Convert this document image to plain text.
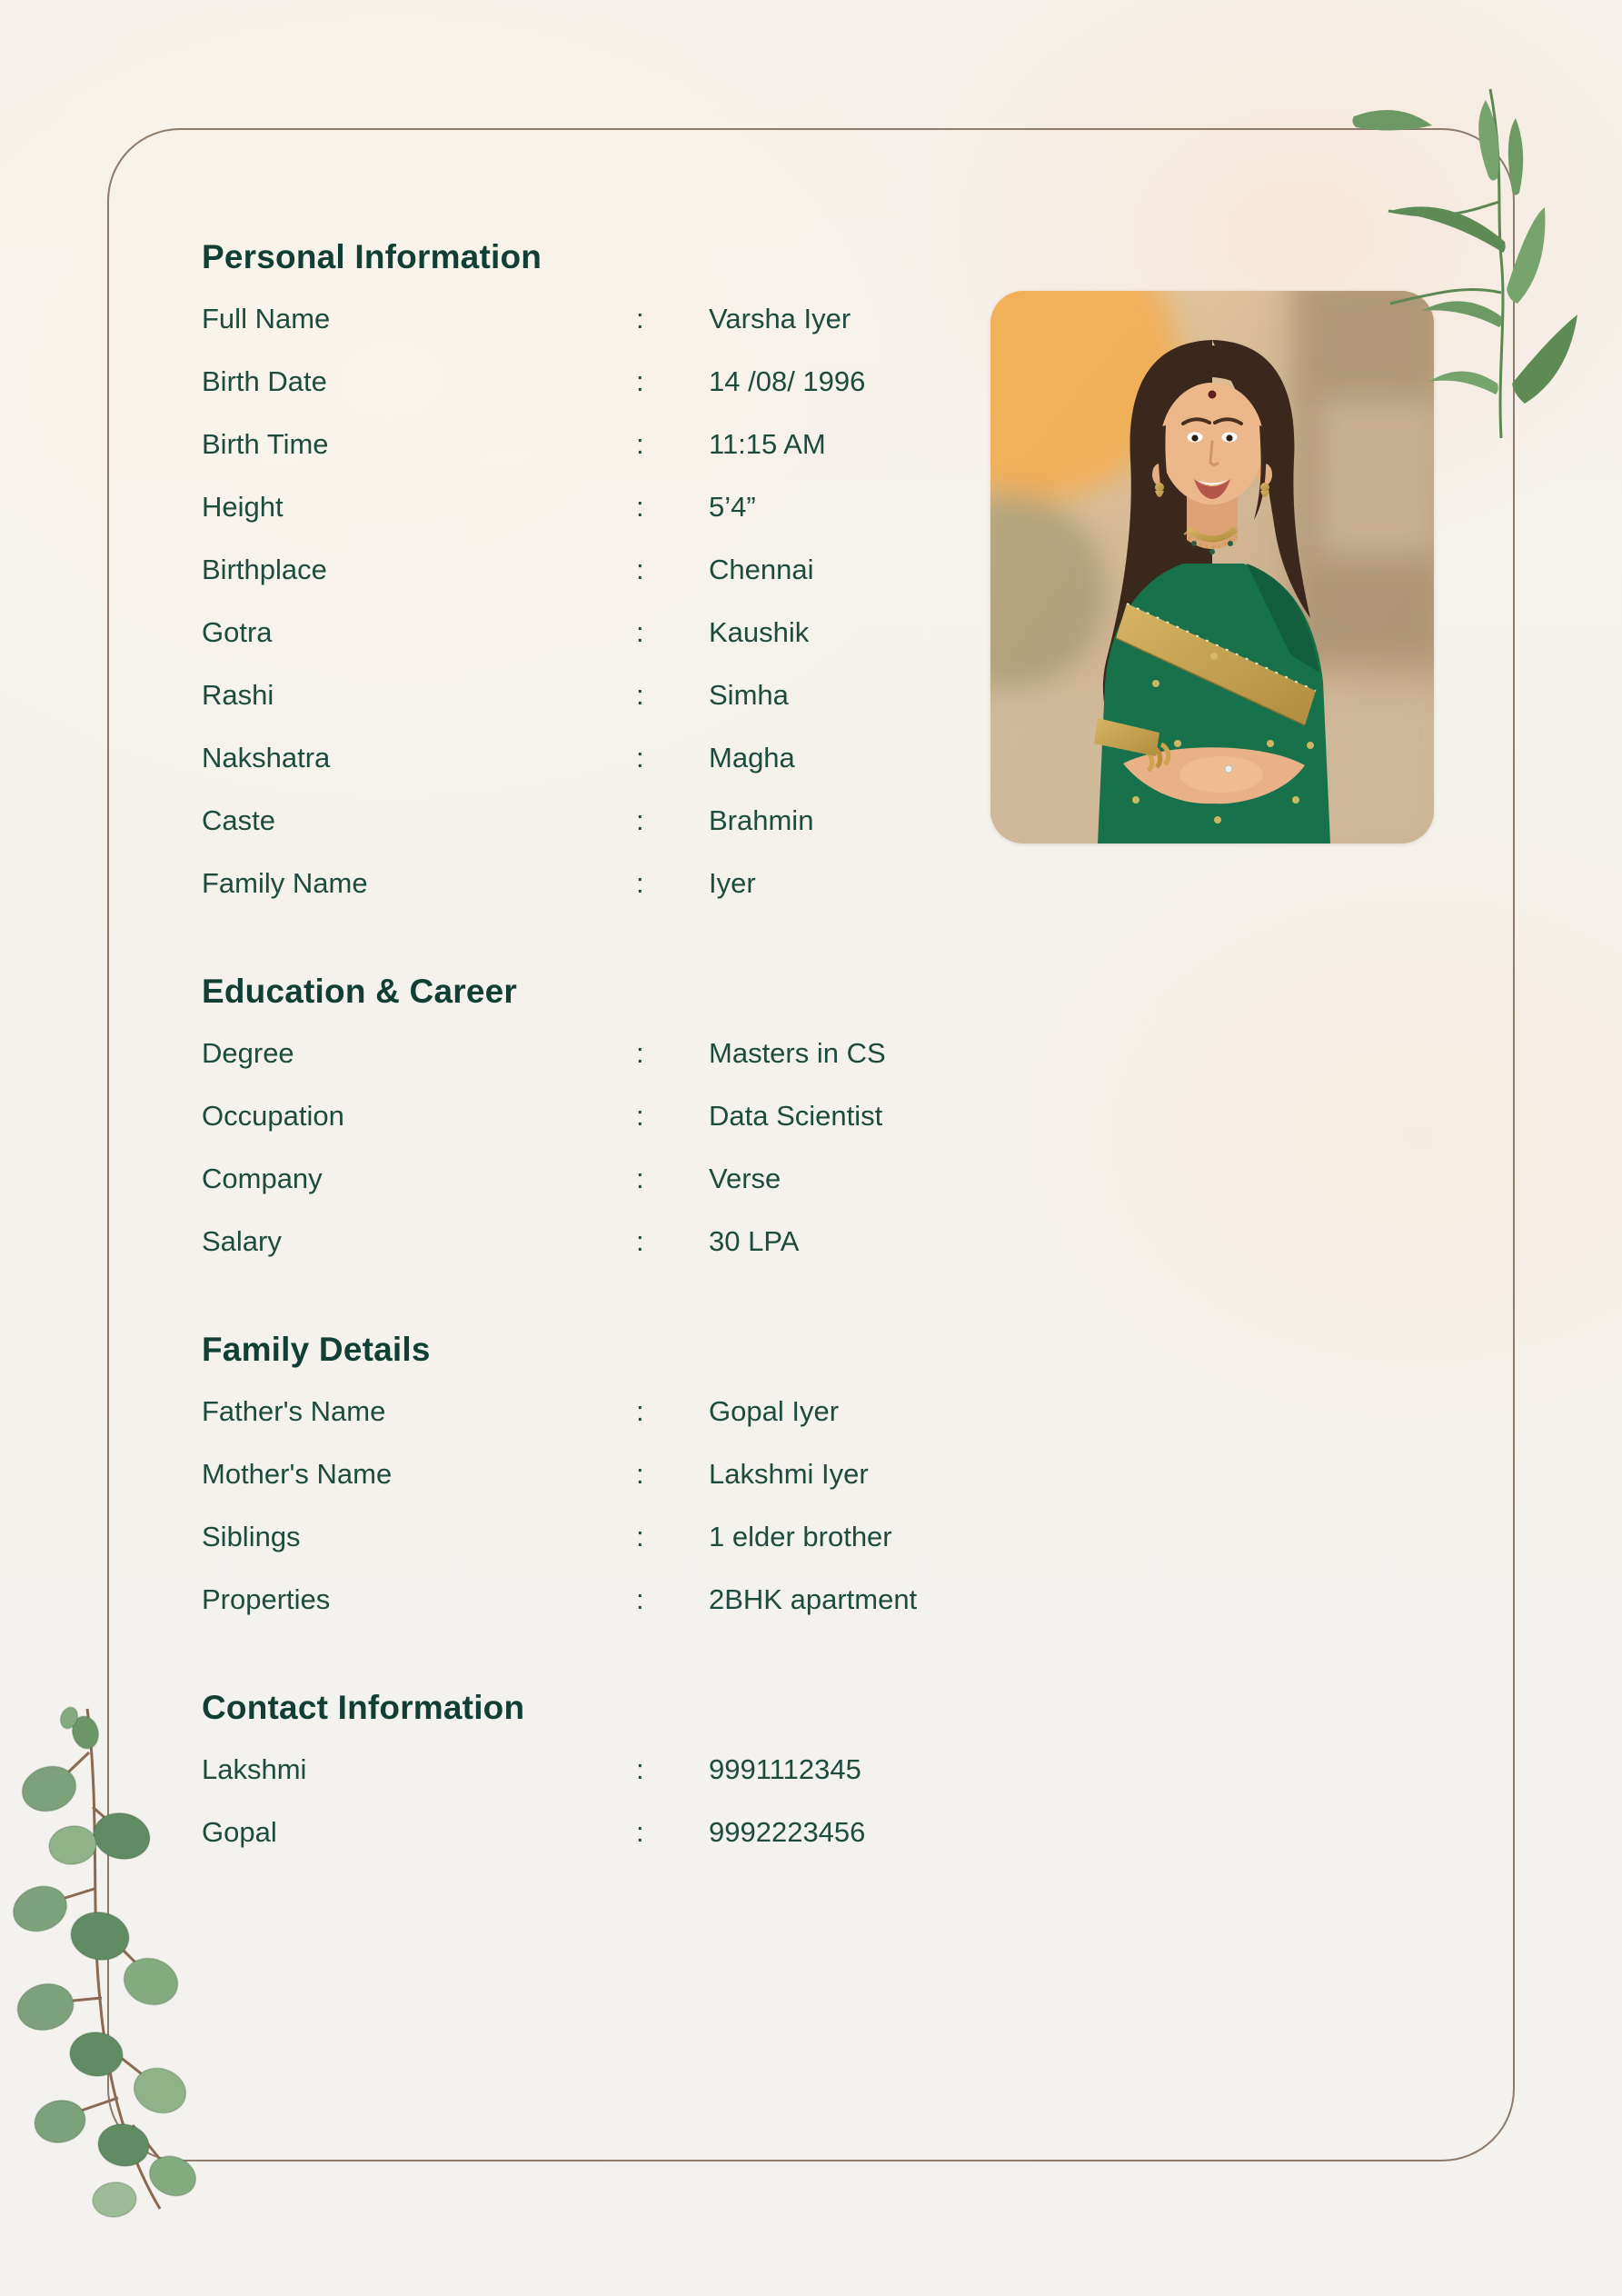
Personal Information
Full Name	:	Varsha Iyer
Birth Date	:	14 /08/ 1996
Birth Time	:	11:15 AM
Height	:	5’4”
Birthplace	:	Chennai
Gotra	:	Kaushik
Rashi	:	Simha
Nakshatra	:	Magha
Caste	:	Brahmin
Family Name	:	Iyer
Education & Career
Degree	:	Masters in CS
Occupation	:	Data Scientist
Company	:	Verse
Salary	:	30 LPA
Family Details
Father's Name	:	Gopal Iyer
Mother's Name	:	Lakshmi Iyer
Siblings	:	1 elder brother
Properties	:	2BHK apartment
Contact Information
Lakshmi	:	9991112345
Gopal	:	9992223456
